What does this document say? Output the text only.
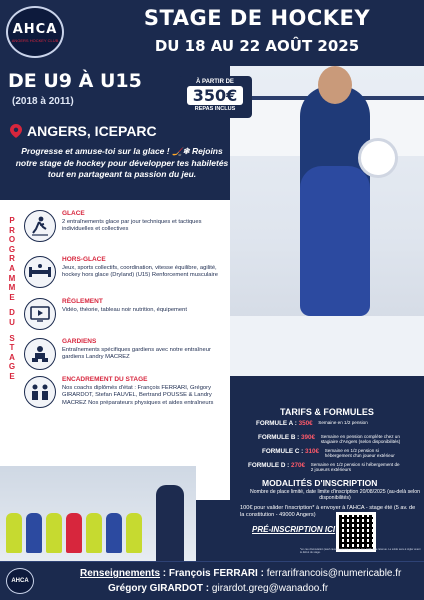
AHCA
ANGERS HOCKEY CLUB
STAGE DE HOCKEY
DU 18 AU 22 AOÛT 2025
DE U9 À U15
(2018 à 2011)
À PARTIR DE
350€
REPAS INCLUS
ANGERS, ICEPARC
Progresse et amuse-toi sur la glace ! 🏒❄ Rejoins notre stage de hockey pour développer tes habiletés tout en partageant ta passion du jeu.
P
R
O
G
R
A
M
M
E

D
U

S
T
A
G
E
GLACE
2 entraînements glace par jour techniques et tactiques individuelles et collectives
HORS-GLACE
Jeux, sports collectifs, coordination, vitesse équilibre, agilité, hockey hors glace (Dryland) (U15) Renforcement musculaire
RÈGLEMENT
Vidéo, théorie, tableau noir nutrition, équipement
GARDIENS
Entraînements spécifiques gardiens avec notre entraîneur gardiens Landry MACREZ
ENCADREMENT DU STAGE
Nos coachs diplômés d'état : François FERRARI, Grégory GIRARDOT, Stefan FAUVEL, Bertrand POUSSE & Landry MACREZ Nos préparateurs physiques et aides entraîneurs
TARIFS & FORMULES
FORMULE A : 350€ Semaine en 1/2 pension
FORMULE B : 390€ Semaine en pension complète chez un stagiaire d'Angers (selon disponibilités)
FORMULE C : 310€ Semaine en 1/2 pension si hébergement d'un joueur extérieur
FORMULE D : 270€ Semaine en 1/2 pension si hébergement de 2 joueurs extérieurs
MODALITÉS D'INSCRIPTION
Nombre de place limité, date limite d'inscription 20/08/2025 (au-delà selon disponibilités)
100€ pour valider l'inscription* à envoyer à l'AHCA - stage été (5 av. de la constitution - 49000 Angers)
PRÉ-INSCRIPTION ICI
*en cas d'annulation (sauf cause majeure), la totalité des 100€ sera retenue. Le solde sera à régler avant le début du stage.
AHCA
Renseignements : François FERRARI : ferrarifrancois@numericable.fr
Grégory GIRARDOT : girardot.greg@wanadoo.fr
